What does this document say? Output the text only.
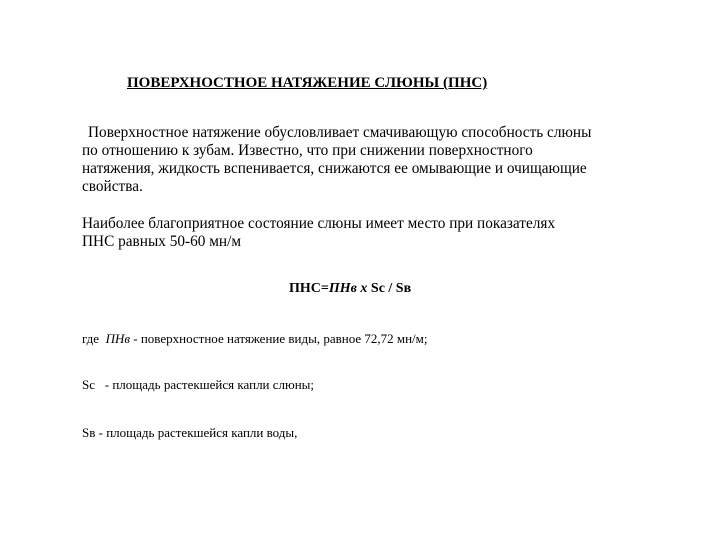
ПОВЕРХНОСТНОЕ НАТЯЖЕНИЕ СЛЮНЫ (ПНС)
Поверхностное натяжение обусловливает смачивающую способность слюны
по отношению к зубам. Известно, что при снижении поверхностного
натяжения, жидкость вспенивается, снижаются ее омывающие и очищающие
свойства.
Наиболее благоприятное состояние слюны имеет место при показателях
ПНС равных 50-60 мн/м
ПНС=ПНв х Sс / Sв
где ПНв - поверхностное натяжение виды, равное 72,72 мн/м;
Sc   - площадь растекшейся капли слюны;
Sв - площадь растекшейся капли воды,
